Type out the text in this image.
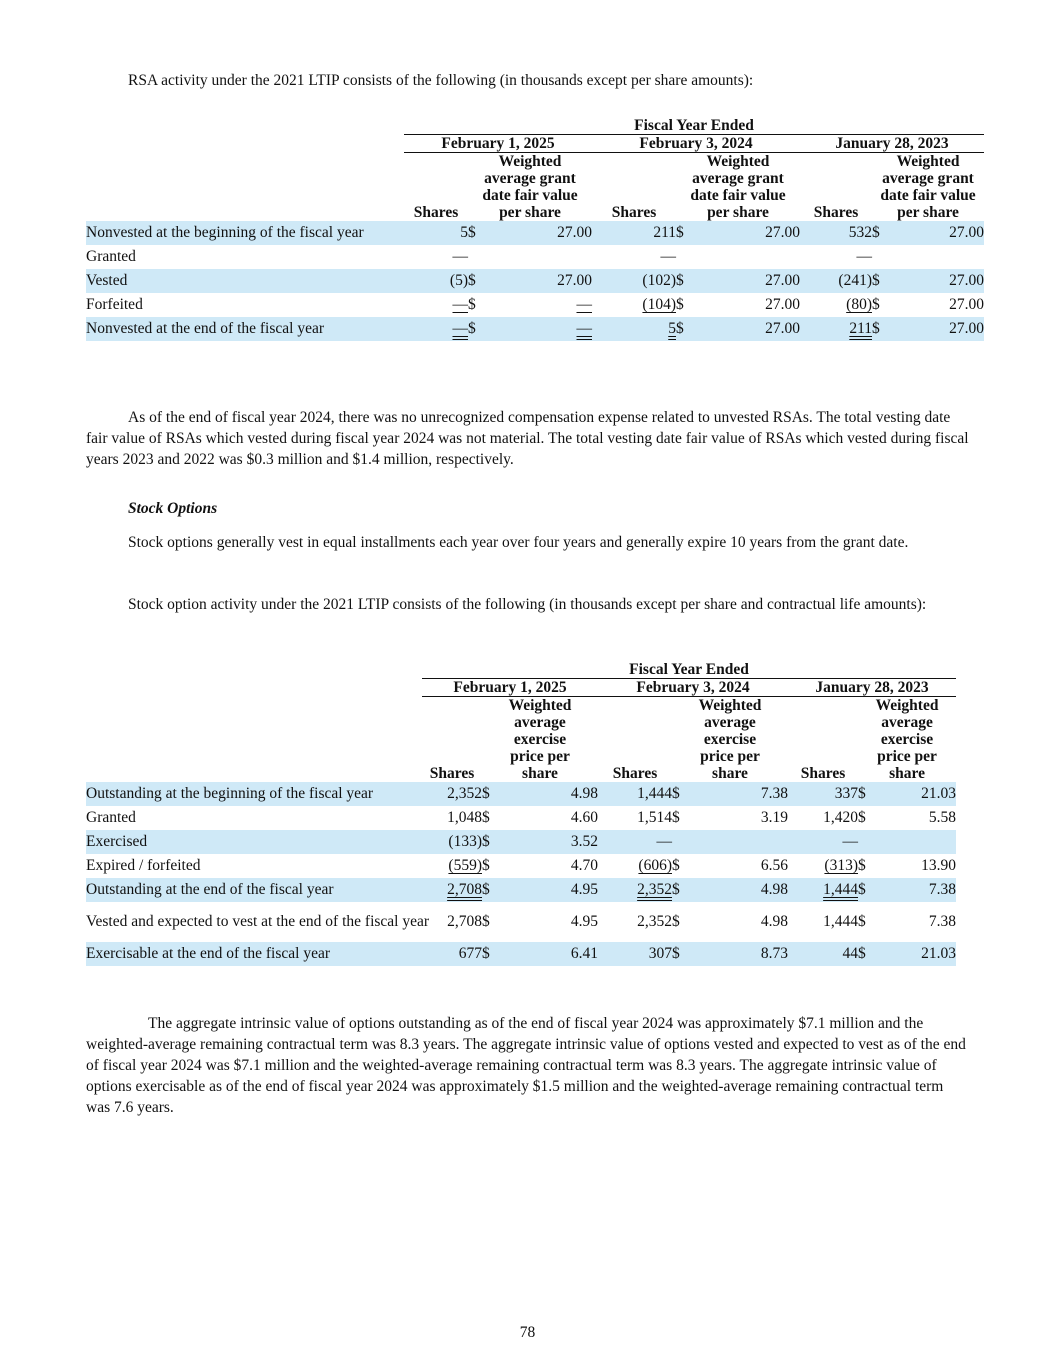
RSA activity under the 2021 LTIP consists of the following (in thousands except per share amounts):

	Fiscal Year Ended								
	February 1, 2025			February 3, 2024			January 28, 2023		
	Shares	Weighted average grant date fair value per share		Shares	Weighted average grant date fair value per share		Shares	Weighted average grant date fair value per share	
Nonvested at the beginning of the fiscal year	5	$	27.00	211	$	27.00	532	$	27.00
Granted	—			—			—		
Vested	(5)	$	27.00	(102)	$	27.00	(241)	$	27.00
Forfeited	—	$	—	(104)	$	27.00	(80)	$	27.00
Nonvested at the end of the fiscal year	—	$	—	5	$	27.00	211	$	27.00

As of the end of fiscal year 2024, there was no unrecognized compensation expense related to unvested RSAs. The total vesting date fair value of RSAs which vested during fiscal year 2024 was not material. The total vesting date fair value of RSAs which vested during fiscal years 2023 and 2022 was $0.3 million and $1.4 million, respectively.

Stock Options

Stock options generally vest in equal installments each year over four years and generally expire 10 years from the grant date.

Stock option activity under the 2021 LTIP consists of the following (in thousands except per share and contractual life amounts):

	Fiscal Year Ended								
	February 1, 2025			February 3, 2024			January 28, 2023		
	Shares	Weighted average exercise price per share		Shares	Weighted average exercise price per share		Shares	Weighted average exercise price per share	
Outstanding at the beginning of the fiscal year	2,352	$	4.98	1,444	$	7.38	337	$	21.03
Granted	1,048	$	4.60	1,514	$	3.19	1,420	$	5.58
Exercised	(133)	$	3.52	—			—		
Expired / forfeited	(559)	$	4.70	(606)	$	6.56	(313)	$	13.90
Outstanding at the end of the fiscal year	2,708	$	4.95	2,352	$	4.98	1,444	$	7.38
Vested and expected to vest at the end of the fiscal year	2,708	$	4.95	2,352	$	4.98	1,444	$	7.38
Exercisable at the end of the fiscal year	677	$	6.41	307	$	8.73	44	$	21.03

The aggregate intrinsic value of options outstanding as of the end of fiscal year 2024 was approximately $7.1 million and the weighted-average remaining contractual term was 8.3 years. The aggregate intrinsic value of options vested and expected to vest as of the end of fiscal year 2024 was $7.1 million and the weighted-average remaining contractual term was 8.3 years. The aggregate intrinsic value of options exercisable as of the end of fiscal year 2024 was approximately $1.5 million and the weighted-average remaining contractual term was 7.6 years.

78
